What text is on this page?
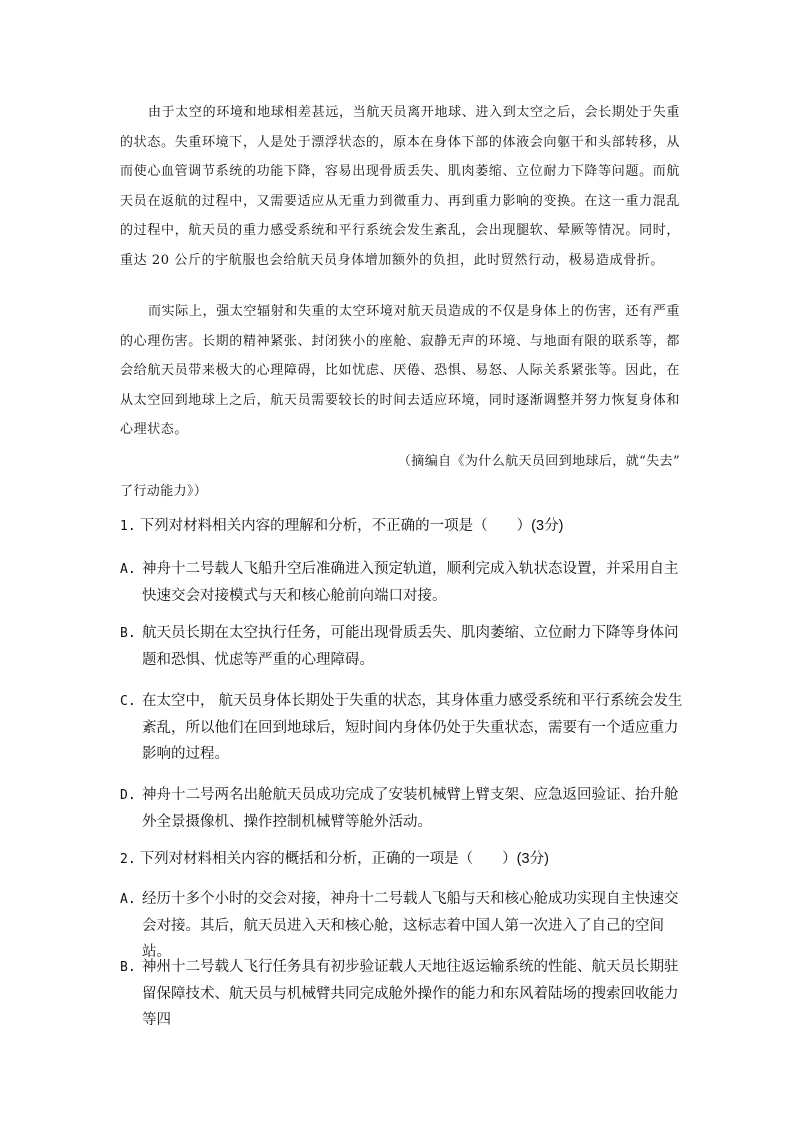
由于太空的环境和地球相差甚远，当航天员离开地球、进入到太空之后，会长期处于失重的状态。失重环境下，人是处于漂浮状态的，原本在身体下部的体液会向躯干和头部转移，从而使心血管调节系统的功能下降，容易出现骨质丢失、肌肉萎缩、立位耐力下降等问题。而航天员在返航的过程中，又需要适应从无重力到微重力、再到重力影响的变换。在这一重力混乱的过程中，航天员的重力感受系统和平行系统会发生紊乱，会出现腿软、晕厥等情况。同时，重达 20 公斤的宇航服也会给航天员身体增加额外的负担，此时贸然行动，极易造成骨折。

而实际上，强太空辐射和失重的太空环境对航天员造成的不仅是身体上的伤害，还有严重的心理伤害。长期的精神紧张、封闭狭小的座舱、寂静无声的环境、与地面有限的联系等，都会给航天员带来极大的心理障碍，比如忧虑、厌倦、恐惧、易怒、人际关系紧张等。因此，在从太空回到地球上之后，航天员需要较长的时间去适应环境，同时逐渐调整并努力恢复身体和心理状态。

（摘编自《为什么航天员回到地球后，就“失去”
了行动能力》）

1. 下列对材料相关内容的理解和分析，不正确的一项是（　　）(3分)

A. 神舟十二号载人飞船升空后准确进入预定轨道，顺利完成入轨状态设置，并采用自主快速交会对接模式与天和核心舱前向端口对接。

B. 航天员长期在太空执行任务，可能出现骨质丢失、肌肉萎缩、立位耐力下降等身体问题和恐惧、忧虑等严重的心理障碍。

C. 在太空中， 航天员身体长期处于失重的状态，其身体重力感受系统和平行系统会发生紊乱，所以他们在回到地球后，短时间内身体仍处于失重状态，需要有一个适应重力影响的过程。

D. 神舟十二号两名出舱航天员成功完成了安装机械臂上臂支架、应急返回验证、抬升舱外全景摄像机、操作控制机械臂等舱外活动。

2. 下列对材料相关内容的概括和分析，正确的一项是（　　）(3分)

A. 经历十多个小时的交会对接，神舟十二号载人飞船与天和核心舱成功实现自主快速交会对接。其后，航天员进入天和核心舱，这标志着中国人第一次进入了自己的空间站。

B. 神州十二号载人飞行任务具有初步验证载人天地往返运输系统的性能、航天员长期驻留保障技术、航天员与机械臂共同完成舱外操作的能力和东风着陆场的搜索回收能力等四
